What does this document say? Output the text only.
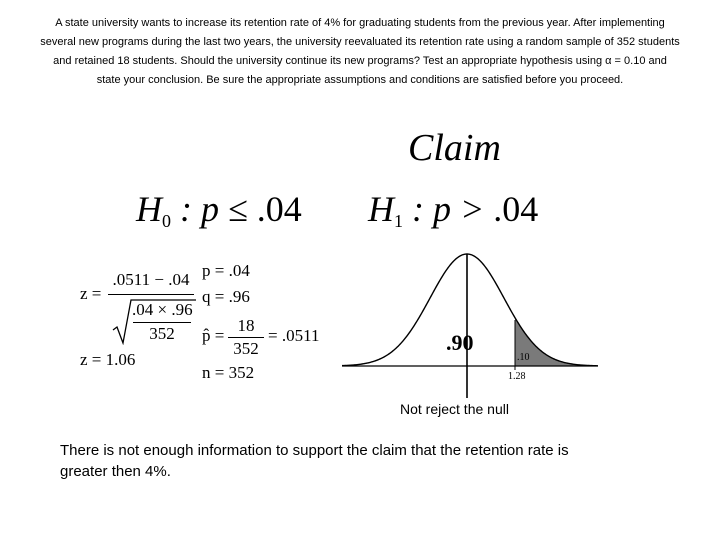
A state university wants to increase its retention rate of 4% for graduating students from the previous year. After implementing several new programs during the last two years, the university reevaluated its retention rate using a random sample of 352 students and retained 18 students. Should the university continue its new programs? Test an appropriate hypothesis using α = 0.10 and state your conclusion. Be sure the appropriate assumptions and conditions are satisfied before you proceed.
Claim
$H_0$ : p ≤ .04 $H_1$ : p > .04
z =
.0511 − .04
.04 × .96
352
z = 1.06
p = .04
q = .96
p̂ =
18
352
= .0511
n = 352
.90
.10
1.28
Not reject the null
There is not enough information to support the claim that the retention rate is greater then 4%.
